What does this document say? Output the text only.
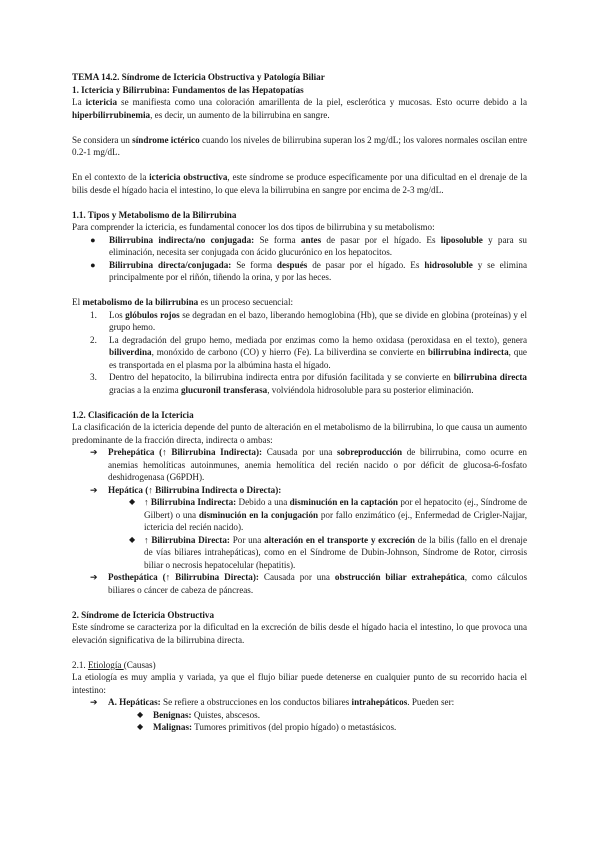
TEMA 14.2. Síndrome de Ictericia Obstructiva y Patología Biliar

1. Ictericia y Bilirrubina: Fundamentos de las Hepatopatías

La ictericia se manifiesta como una coloración amarillenta de la piel, esclerótica y mucosas. Esto ocurre debido a la hiperbilirrubinemia, es decir, un aumento de la bilirrubina en sangre.

Se considera un síndrome ictérico cuando los niveles de bilirrubina superan los 2 mg/dL; los valores normales oscilan entre 0.2-1 mg/dL.

En el contexto de la ictericia obstructiva, este síndrome se produce específicamente por una dificultad en el drenaje de la bilis desde el hígado hacia el intestino, lo que eleva la bilirrubina en sangre por encima de 2-3 mg/dL.

1.1. Tipos y Metabolismo de la Bilirrubina

Para comprender la ictericia, es fundamental conocer los dos tipos de bilirrubina y su metabolismo:

● Bilirrubina indirecta/no conjugada: Se forma antes de pasar por el hígado. Es liposoluble y para su eliminación, necesita ser conjugada con ácido glucurónico en los hepatocitos.
● Bilirrubina directa/conjugada: Se forma después de pasar por el hígado. Es hidrosoluble y se elimina principalmente por el riñón, tiñendo la orina, y por las heces.

El metabolismo de la bilirrubina es un proceso secuencial:

1. Los glóbulos rojos se degradan en el bazo, liberando hemoglobina (Hb), que se divide en globina (proteínas) y el grupo hemo.
2. La degradación del grupo hemo, mediada por enzimas como la hemo oxidasa (peroxidasa en el texto), genera biliverdina, monóxido de carbono (CO) y hierro (Fe). La biliverdina se convierte en bilirrubina indirecta, que es transportada en el plasma por la albúmina hasta el hígado.
3. Dentro del hepatocito, la bilirrubina indirecta entra por difusión facilitada y se convierte en bilirrubina directa gracias a la enzima glucuronil transferasa, volviéndola hidrosoluble para su posterior eliminación.

1.2. Clasificación de la Ictericia

La clasificación de la ictericia depende del punto de alteración en el metabolismo de la bilirrubina, lo que causa un aumento predominante de la fracción directa, indirecta o ambas:

➔ Prehepática (↑ Bilirrubina Indirecta): Causada por una sobreproducción de bilirrubina, como ocurre en anemias hemolíticas autoinmunes, anemia hemolítica del recién nacido o por déficit de glucosa-6-fosfato deshidrogenasa (G6PDH).

➔ Hepática (↑ Bilirrubina Indirecta o Directa):

◆ ↑ Bilirrubina Indirecta: Debido a una disminución en la captación por el hepatocito (ej., Síndrome de Gilbert) o una disminución en la conjugación por fallo enzimático (ej., Enfermedad de Crigler-Najjar, ictericia del recién nacido).

◆ ↑ Bilirrubina Directa: Por una alteración en el transporte y excreción de la bilis (fallo en el drenaje de vías biliares intrahepáticas), como en el Síndrome de Dubin-Johnson, Síndrome de Rotor, cirrosis biliar o necrosis hepatocelular (hepatitis).

➔ Posthepática (↑ Bilirrubina Directa): Causada por una obstrucción biliar extrahepática, como cálculos biliares o cáncer de cabeza de páncreas.

2. Síndrome de Ictericia Obstructiva

Este síndrome se caracteriza por la dificultad en la excreción de bilis desde el hígado hacia el intestino, lo que provoca una elevación significativa de la bilirrubina directa.

2.1. Etiología (Causas)

La etiología es muy amplia y variada, ya que el flujo biliar puede detenerse en cualquier punto de su recorrido hacia el intestino:

➔ A. Hepáticas: Se refiere a obstrucciones en los conductos biliares intrahepáticos. Pueden ser:

◆ Benignas: Quistes, abscesos.

◆ Malignas: Tumores primitivos (del propio hígado) o metastásicos.
